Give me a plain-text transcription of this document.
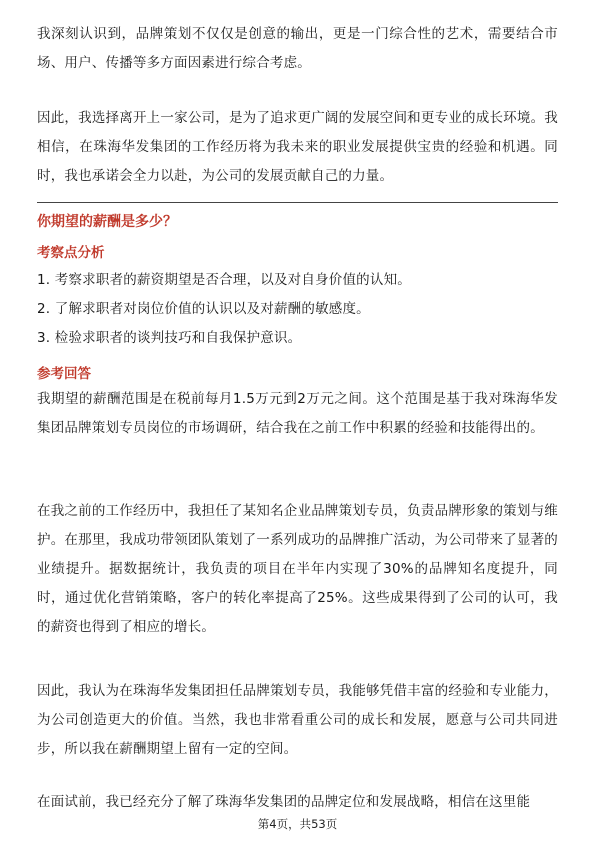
我深刻认识到，品牌策划不仅仅是创意的输出，更是一门综合性的艺术，需要结合市场、用户、传播等多方面因素进行综合考虑。

因此，我选择离开上一家公司，是为了追求更广阔的发展空间和更专业的成长环境。我相信，在珠海华发集团的工作经历将为我未来的职业发展提供宝贵的经验和机遇。同时，我也承诺会全力以赴，为公司的发展贡献自己的力量。

你期望的薪酬是多少？
考察点分析

1. 考察求职者的薪资期望是否合理，以及对自身价值的认知。

2. 了解求职者对岗位价值的认识以及对薪酬的敏感度。

3. 检验求职者的谈判技巧和自我保护意识。

参考回答

我期望的薪酬范围是在税前每月1.5万元到2万元之间。这个范围是基于我对珠海华发集团品牌策划专员岗位的市场调研，结合我在之前工作中积累的经验和技能得出的。

在我之前的工作经历中，我担任了某知名企业品牌策划专员，负责品牌形象的策划与维护。在那里，我成功带领团队策划了一系列成功的品牌推广活动，为公司带来了显著的业绩提升。据数据统计，我负责的项目在半年内实现了30%的品牌知名度提升，同时，通过优化营销策略，客户的转化率提高了25%。这些成果得到了公司的认可，我的薪资也得到了相应的增长。

因此，我认为在珠海华发集团担任品牌策划专员，我能够凭借丰富的经验和专业能力，为公司创造更大的价值。当然，我也非常看重公司的成长和发展，愿意与公司共同进步，所以我在薪酬期望上留有一定的空间。

在面试前，我已经充分了解了珠海华发集团的品牌定位和发展战略，相信在这里能

第4页，共53页
